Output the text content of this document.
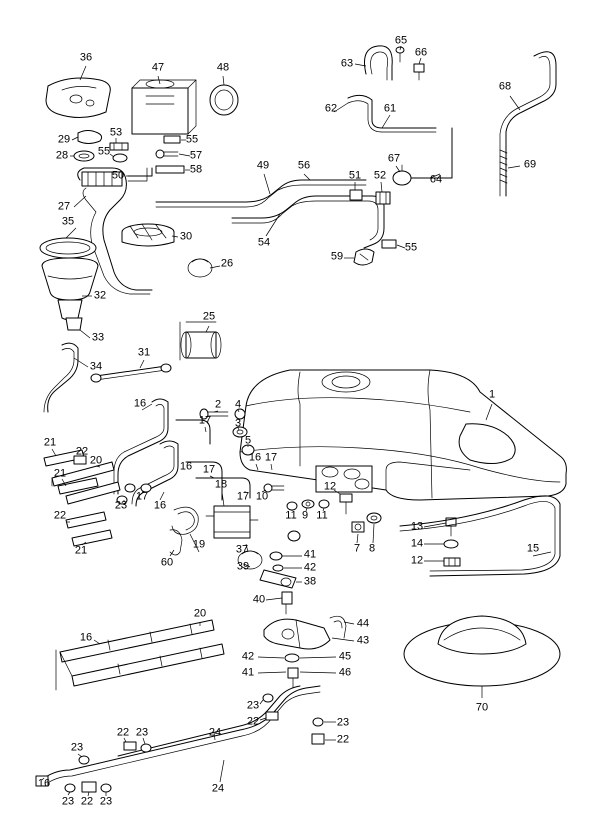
36
47	48
65
66
63
68
62	61
29
53
55
28	55	57	67	69
50	58	49	56
51 52	64
27
35
30	54	55
59
26
32
25
33
31
34
1
2 4
16
17 3
5
21
22
20	16
16 17
21	17
22
23 16
17
18
17 10
11 9 11
12
13
14
12
15
21
60
19	37
39
41
42
38
7 8
40
20
44
43
16
42	45
41	46
70
23
22	23
22
22 23	24
23
24
16
23 22 23
